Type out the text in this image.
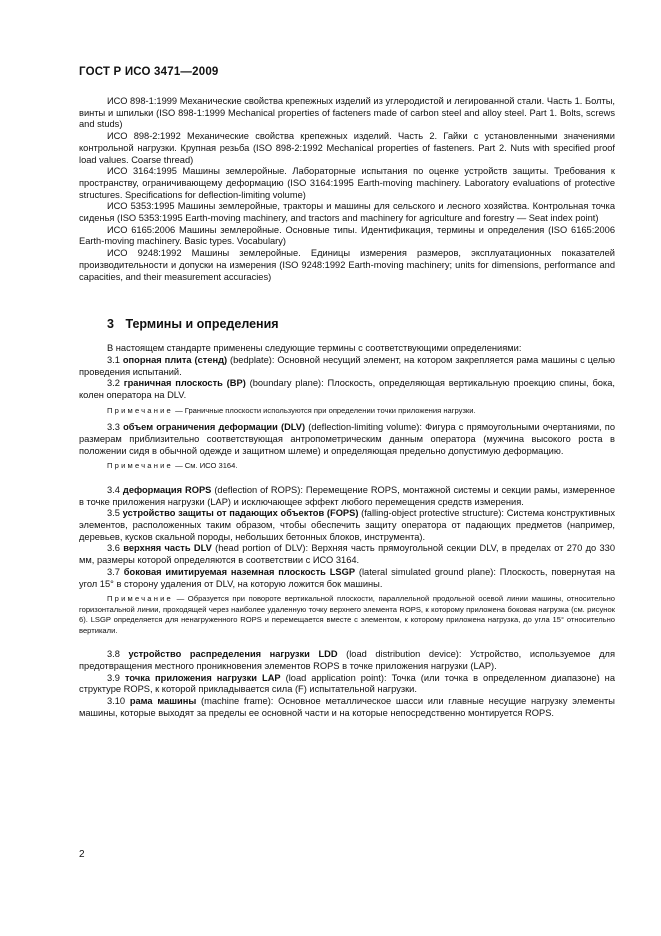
ГОСТ Р ИСО 3471—2009

ИСО 898-1:1999 Механические свойства крепежных изделий из углеродистой и легированной стали. Часть 1. Болты, винты и шпильки (ISO 898-1:1999 Mechanical properties of facteners made of carbon steel and alloy steel. Part 1. Bolts, screws and studs)

ИСО 898-2:1992 Механические свойства крепежных изделий. Часть 2. Гайки с установленными значениями контрольной нагрузки. Крупная резьба (ISO 898-2:1992 Mechanical properties of fasteners. Part 2. Nuts with specified proof load values. Coarse thread)

ИСО 3164:1995 Машины землеройные. Лабораторные испытания по оценке устройств защиты. Требования к пространству, ограничивающему деформацию (ISO 3164:1995 Earth-moving machinery. Laboratory evaluations of protective structures. Specifications for deflection-limiting volume)

ИСО 5353:1995 Машины землеройные, тракторы и машины для сельского и лесного хозяйства. Контрольная точка сиденья (ISO 5353:1995 Earth-moving machinery, and tractors and machinery for agriculture and forestry — Seat index point)

ИСО 6165:2006 Машины землеройные. Основные типы. Идентификация, термины и определения (ISO 6165:2006 Earth-moving machinery. Basic types. Vocabulary)

ИСО 9248:1992 Машины землеройные. Единицы измерения размеров, эксплуатационных показателей производительности и допуски на измерения (ISO 9248:1992 Earth-moving machinery; units for dimensions, performance and capacities, and their measurement accuracies)

3 Термины и определения

В настоящем стандарте применены следующие термины с соответствующими определениями:

3.1 опорная плита (стенд) (bedplate): Основной несущий элемент, на котором закрепляется рама машины с целью проведения испытаний.

3.2 граничная плоскость (BP) (boundary plane): Плоскость, определяющая вертикальную проекцию спины, бока, колен оператора на DLV.

Примечание — Граничные плоскости используются при определении точки приложения нагрузки.

3.3 объем ограничения деформации (DLV) (deflection-limiting volume): Фигура с прямоугольными очертаниями, по размерам приблизительно соответствующая антропометрическим данным оператора (мужчина высокого роста в положении сидя в обычной одежде и защитном шлеме) и определяющая предельно допустимую деформацию.

Примечание — См. ИСО 3164.

3.4 деформация ROPS (deflection of ROPS): Перемещение ROPS, монтажной системы и секции рамы, измеренное в точке приложения нагрузки (LAP) и исключающее эффект любого перемещения средств измерения.

3.5 устройство защиты от падающих объектов (FOPS) (falling-object protective structure): Система конструктивных элементов, расположенных таким образом, чтобы обеспечить защиту оператора от падающих предметов (например, деревьев, кусков скальной породы, небольших бетонных блоков, инструмента).

3.6 верхняя часть DLV (head portion of DLV): Верхняя часть прямоугольной секции DLV, в пределах от 270 до 330 мм, размеры которой определяются в соответствии с ИСО 3164.

3.7 боковая имитируемая наземная плоскость LSGP (lateral simulated ground plane): Плоскость, повернутая на угол 15° в сторону удаления от DLV, на которую ложится бок машины.

Примечание — Образуется при повороте вертикальной плоскости, параллельной продольной осевой линии машины, относительно горизонтальной линии, проходящей через наиболее удаленную точку верхнего элемента ROPS, к которому приложена боковая нагрузка (см. рисунок 6). LSGP определяется для ненагруженного ROPS и перемещается вместе с элементом, к которому приложена нагрузка, до угла 15° относительно вертикали.

3.8 устройство распределения нагрузки LDD (load distribution device): Устройство, используемое для предотвращения местного проникновения элементов ROPS в точке приложения нагрузки (LAP).

3.9 точка приложения нагрузки LAP (load application point): Точка (или точка в определенном диапазоне) на структуре ROPS, к которой прикладывается сила (F) испытательной нагрузки.

3.10 рама машины (machine frame): Основное металлическое шасси или главные несущие нагрузку элементы машины, которые выходят за пределы ее основной части и на которые непосредственно монтируется ROPS.

2
